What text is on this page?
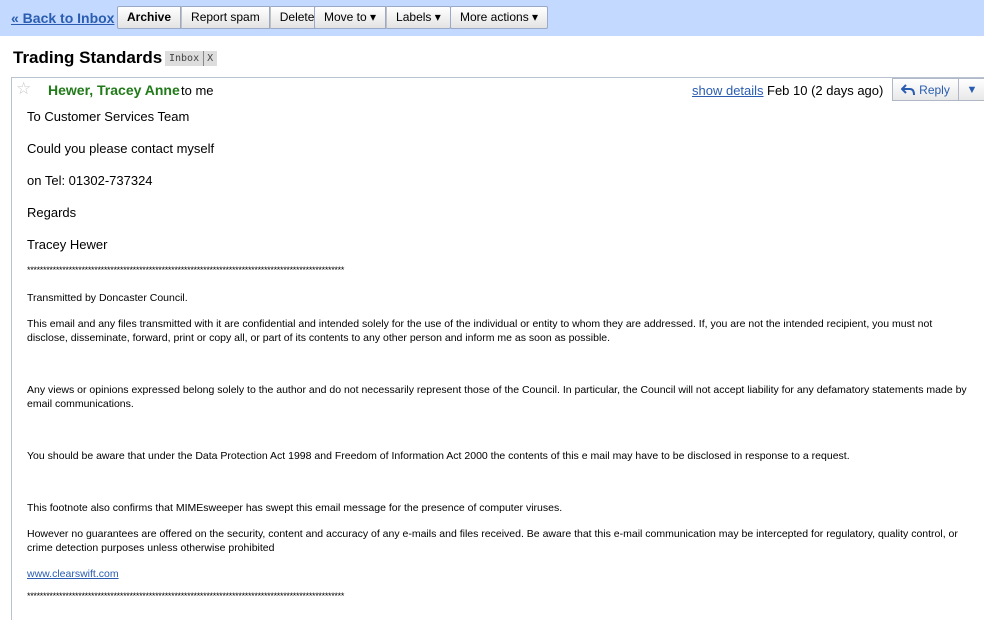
« Back to Inbox	Archive	Report spam	Delete Move to ▾	Labels ▾	More actions ▾
Trading Standards Inbox X
☆ Hewer, Tracey Anne to me	show details Feb 10 (2 days ago)	Reply ▼
To Customer Services Team
Could you please contact myself
on Tel: 01302-737324
Regards
Tracey Hewer
***************************************************************************************************
Transmitted by Doncaster Council.
This email and any files transmitted with it are confidential and intended solely for the use of the individual or entity to whom they are addressed. If, you are not the intended recipient, you must not disclose, disseminate, forward, print or copy all, or part of its contents to any other person and inform me as soon as possible.
Any views or opinions expressed belong solely to the author and do not necessarily represent those of the Council. In particular, the Council will not accept liability for any defamatory statements made by email communications.
You should be aware that under the Data Protection Act 1998 and Freedom of Information Act 2000 the contents of this e mail may have to be disclosed in response to a request.
This footnote also confirms that MIMEsweeper has swept this email message for the presence of computer viruses.
However no guarantees are offered on the security, content and accuracy of any e-mails and files received. Be aware that this e-mail communication may be intercepted for regulatory, quality control, or crime detection purposes unless otherwise prohibited
www.clearswift.com
***************************************************************************************************
